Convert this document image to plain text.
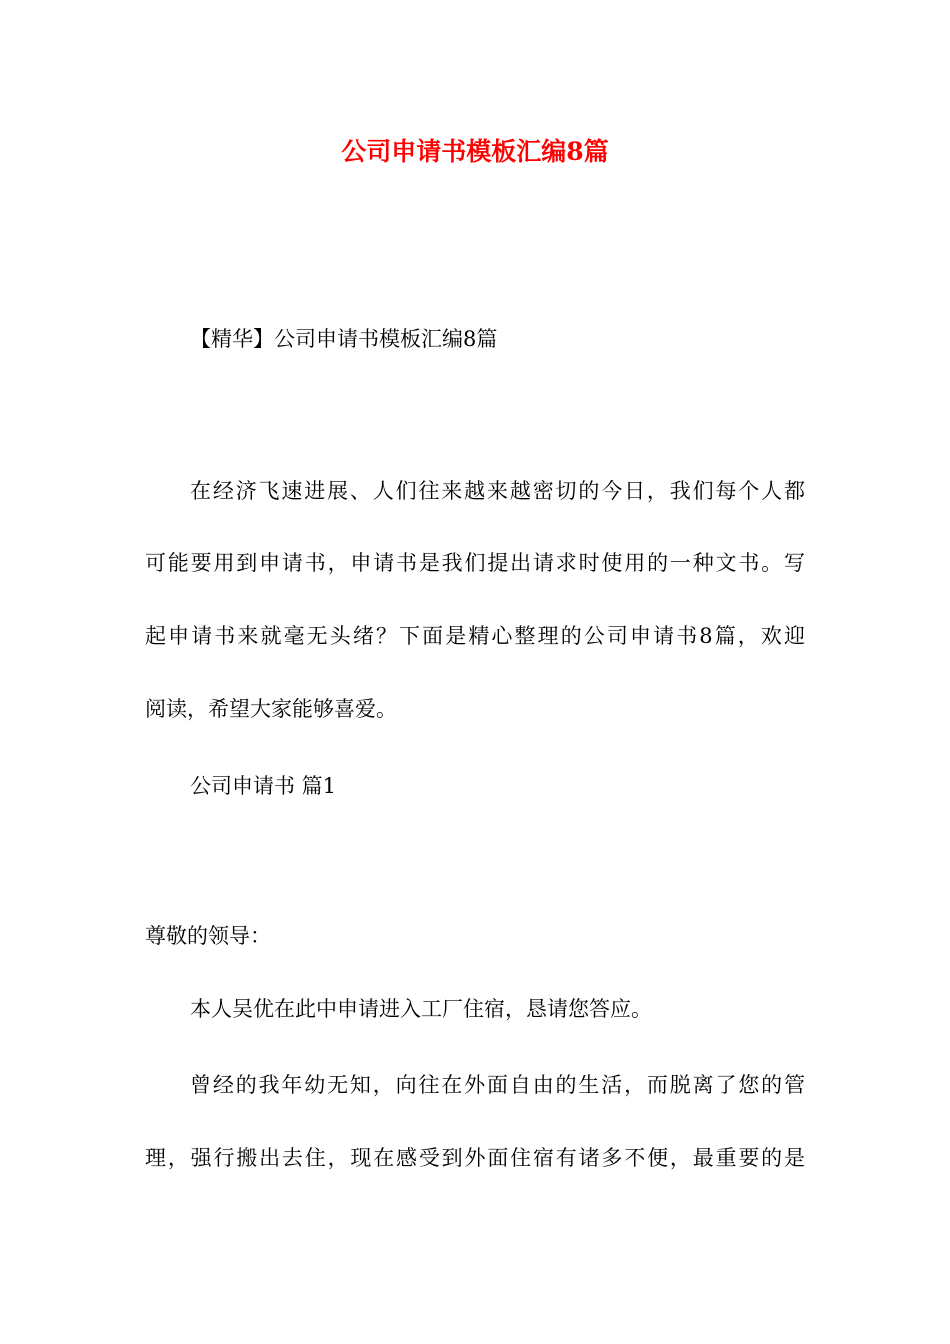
公司申请书模板汇编8篇
【精华】公司申请书模板汇编8篇
在经济飞速进展、人们往来越来越密切的今日，我们每个人都
可能要用到申请书，申请书是我们提出请求时使用的一种文书。写
起申请书来就毫无头绪？下面是精心整理的公司申请书8篇，欢迎
阅读，希望大家能够喜爱。
公司申请书 篇1
尊敬的领导：
本人吴优在此中申请进入工厂住宿，恳请您答应。
曾经的我年幼无知，向往在外面自由的生活，而脱离了您的管
理，强行搬出去住，现在感受到外面住宿有诸多不便，最重要的是
